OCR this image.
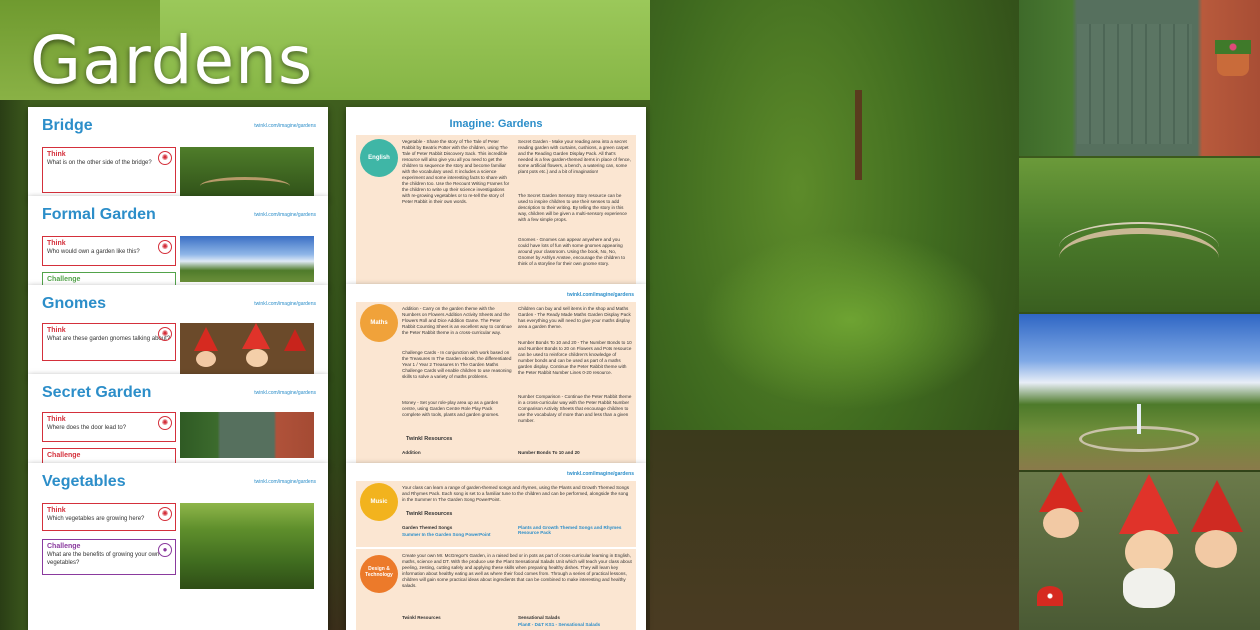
Gardens
Bridge	twinkl.com/imagine/gardens
Think
What is on the other side of the bridge?
✺
Formal Garden	twinkl.com/imagine/gardens
Think
Who would own a garden like this?
✺
Challenge
Gnomes	twinkl.com/imagine/gardens
Think
What are these garden gnomes talking about?
✺
Secret Garden	twinkl.com/imagine/gardens
Think
Where does the door lead to?
✺
Challenge
Vegetables	twinkl.com/imagine/gardens
Think
Which vegetables are growing here?
✺
Challenge
What are the benefits of growing your own vegetables?
●
Imagine: Gardens
English
Vegetable - Share the story of The Tale of Peter Rabbit by Beatrix Potter with the children, using The Tale of Peter Rabbit Discovery Sack. This incredible resource will also give you all you need to get the children to sequence the story and become familiar with the vocabulary used. It includes a science experiment and some interesting facts to share with the children too. Use the Recount Writing Frames for the children to write up their science investigations with re-growing vegetables or to re-tell the story of Peter Rabbit in their own words.
Secret Garden - Make your reading area into a secret reading garden with curtains, cushions, a green carpet and the Reading Garden Display Pack. All that's needed is a few garden-themed items in place of fence, some artificial flowers, a bench, a watering can, some plant pots etc.) and a bit of imagination!
The Secret Garden Sensory Story resource can be used to inspire children to use their senses to add description to their writing. By telling the story in this way, children will be given a multi-sensory experience with a few simple props.
Gnomes - Gnomes can appear anywhere and you could have lots of fun with some gnomes appearing around your classroom. Using the book, No, No, Gnome! by Ashlyn Anstee, encourage the children to think of a storyline for their own gnome story.
twinkl.com/imagine/gardens
Maths
Addition - Carry on the garden theme with the Numbers on Flowers Addition Activity Sheets and the Flowers Roll and Dice Addition Game. The Peter Rabbit Counting Sheet is an excellent way to continue the Peter Rabbit theme in a cross-curricular way.
Challenge Cards - In conjunction with work based on the Treasures In The Garden ebook, the differentiated Year 1 / Year 2 Treasures In The Garden Maths Challenge Cards will enable children to use reasoning skills to solve a variety of maths problems.
Money - Set your role-play area up as a garden centre, using Garden Centre Role Play Pack complete with tools, plants and garden gnomes.
Children can buy and sell items in the shop and Maths Garden - The Ready Made Maths Garden Display Pack has everything you will need to give your maths display area a garden theme.
Number Bonds To 10 and 20 - The Number Bonds to 10 and Number Bonds to 20 on Flowers and Pots resource can be used to reinforce children's knowledge of number bonds and can be used as part of a maths garden display. Continue the Peter Rabbit theme with the Peter Rabbit Number Lines 0-20 resource.
Number Comparison - Continue the Peter Rabbit theme in a cross-curricular way with the Peter Rabbit Number Comparison Activity Sheets that encourage children to use the vocabulary of more than and less than a given number.
Twinkl Resources
Addition	Number Bonds To 10 and 20
twinkl.com/imagine/gardens
Music
Your class can learn a range of garden-themed songs and rhymes, using the Plants and Growth Themed Songs and Rhymes Pack. Each song is set to a familiar tune to the children and can be performed, alongside the song in the Summer In The Garden Song PowerPoint.
Twinkl Resources
Garden Themed Songs
Summer In the Garden Song PowerPoint
Plants and Growth Themed Songs and Rhymes Resource Pack
Design & Technology
Create your own Mr. McGregor's Garden, in a raised bed or in pots as part of cross-curricular learning in English, maths, science and DT. With the produce use the Plant Sensational Salads Unit which will teach your class about peeling, zesting, cutting safely and applying these skills when preparing healthy dishes. They will learn key information about healthy eating as well as where their food comes from. Through a series of practical lessons, children will gain some practical ideas about ingredients that can be combined to make interesting and healthy salads.
Twinkl Resources	Sensational Salads
PlanIt - D&T KS1 - Sensational Salads
